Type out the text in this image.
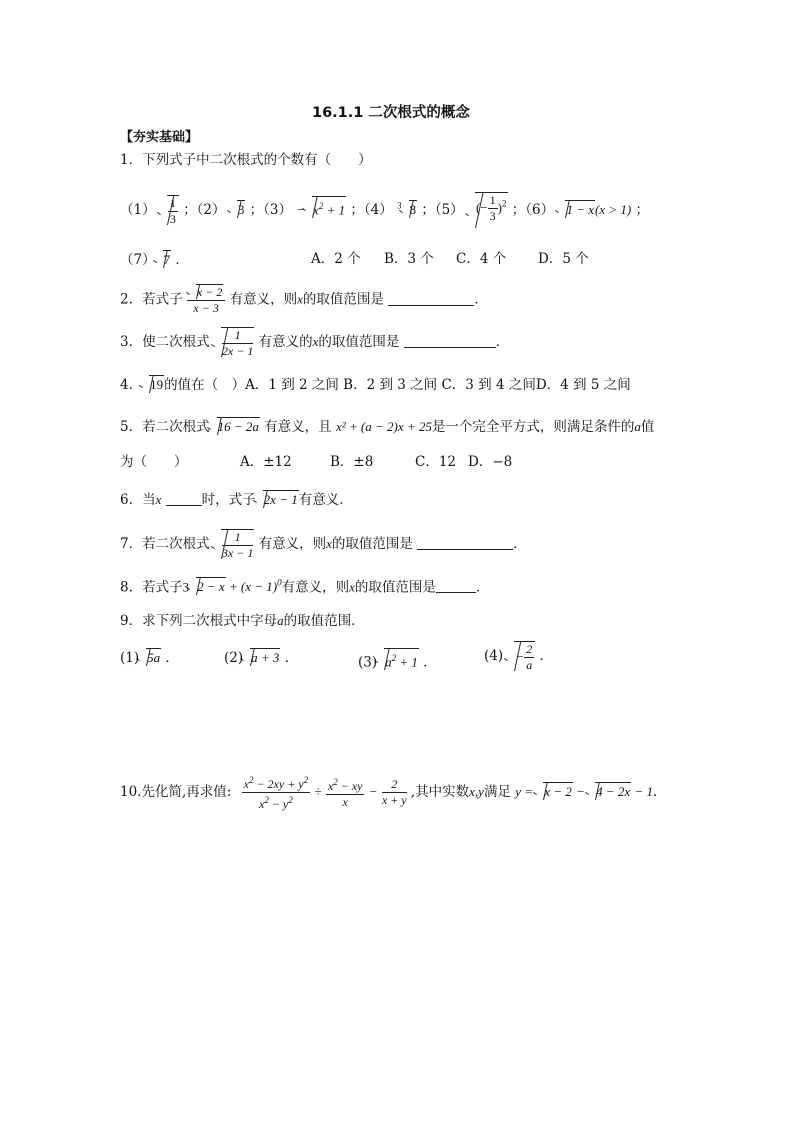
16.1.1 二次根式的概念
【夯实基础】
1．下列式子中二次根式的个数有（　　）
$(1) \frac{1}{3}$ ；（2） 3 ；$(3) - x^2 + 1$ ；（4） $^3$ 8 ；（5） (− $\frac{1}{3} )^2$ ；（6） 1 − x(x > 1) ；
（7） 7 ．	A．2 个 B．3 个 C．4 个 D．5 个
2．若式子 $\frac{x - 2}{x - 3}$ 有意义，则x的取值范围是	．
3．使二次根式 $\frac{1}{2x - 1}$ 有意义的x的取值范围是	．
4． 19的值在（　）A．1 到 2 之间 B．2 到 3 之间 C．3 到 4 之间D．4 到 5 之间
5．若二次根式 16 − 2a 有意义，且 x² + (a − 2)x + 25是一个完全平方式，则满足条件的a值
为（　　）	A．±12	B．±8	C．12 D．−8
6．当x	时，式子 2x − 1有意义．
7．若二次根式 $\frac{1}{3x - 1}$ 有意义，则x的取值范围是	．
8．若式子3 $2 - x + (x - 1)^0$有意义，则x的取值范围是	．
9．求下列二次根式中字母a的取值范围．
(1) 5a ．	(2) a + 3 ．	(3) $a^2 + 1$ ．	$(4) - \frac{2}{a}$ ．
10.先化简,再求值: $\frac{x^2 - 2xy + y^2}{x^2 - y^2} \div \frac{x^2 - xy}{x} - \frac{2}{x + y}$ ,其中实数x,y满足 y = x − 2 − 4 − 2x − 1．
